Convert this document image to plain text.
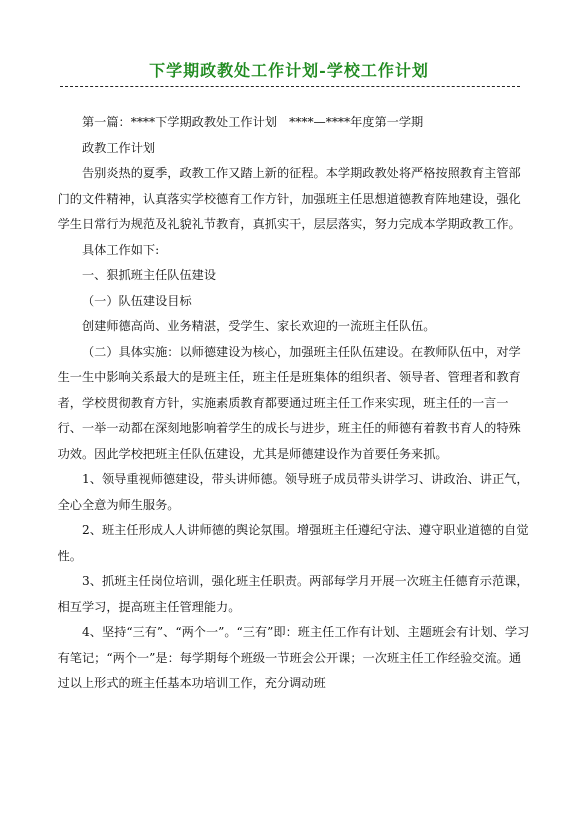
下学期政教处工作计划-学校工作计划

第一篇：****下学期政教处工作计划　****—****年度第一学期

政教工作计划

告别炎热的夏季，政教工作又踏上新的征程。本学期政教处将严格按照教育主管部门的文件精神，认真落实学校德育工作方针，加强班主任思想道德教育阵地建设，强化学生日常行为规范及礼貌礼节教育，真抓实干，层层落实，努力完成本学期政教工作。

具体工作如下:

一、狠抓班主任队伍建设

（一）队伍建设目标

创建师德高尚、业务精湛，受学生、家长欢迎的一流班主任队伍。

（二）具体实施：以师德建设为核心，加强班主任队伍建设。在教师队伍中，对学生一生中影响关系最大的是班主任，班主任是班集体的组织者、领导者、管理者和教育者，学校贯彻教育方针，实施素质教育都要通过班主任工作来实现，班主任的一言一行、一举一动都在深刻地影响着学生的成长与进步，班主任的师德有着教书育人的特殊功效。因此学校把班主任队伍建设，尤其是师德建设作为首要任务来抓。

1、领导重视师德建设，带头讲师德。领导班子成员带头讲学习、讲政治、讲正气，全心全意为师生服务。

2、班主任形成人人讲师德的舆论氛围。增强班主任遵纪守法、遵守职业道德的自觉性。

3、抓班主任岗位培训，强化班主任职责。两部每学月开展一次班主任德育示范课，相互学习，提高班主任管理能力。

4、坚持“三有”、“两个一”。“三有”即：班主任工作有计划、主题班会有计划、学习有笔记；“两个一”是：每学期每个班级一节班会公开课；一次班主任工作经验交流。通过以上形式的班主任基本功培训工作，充分调动班
